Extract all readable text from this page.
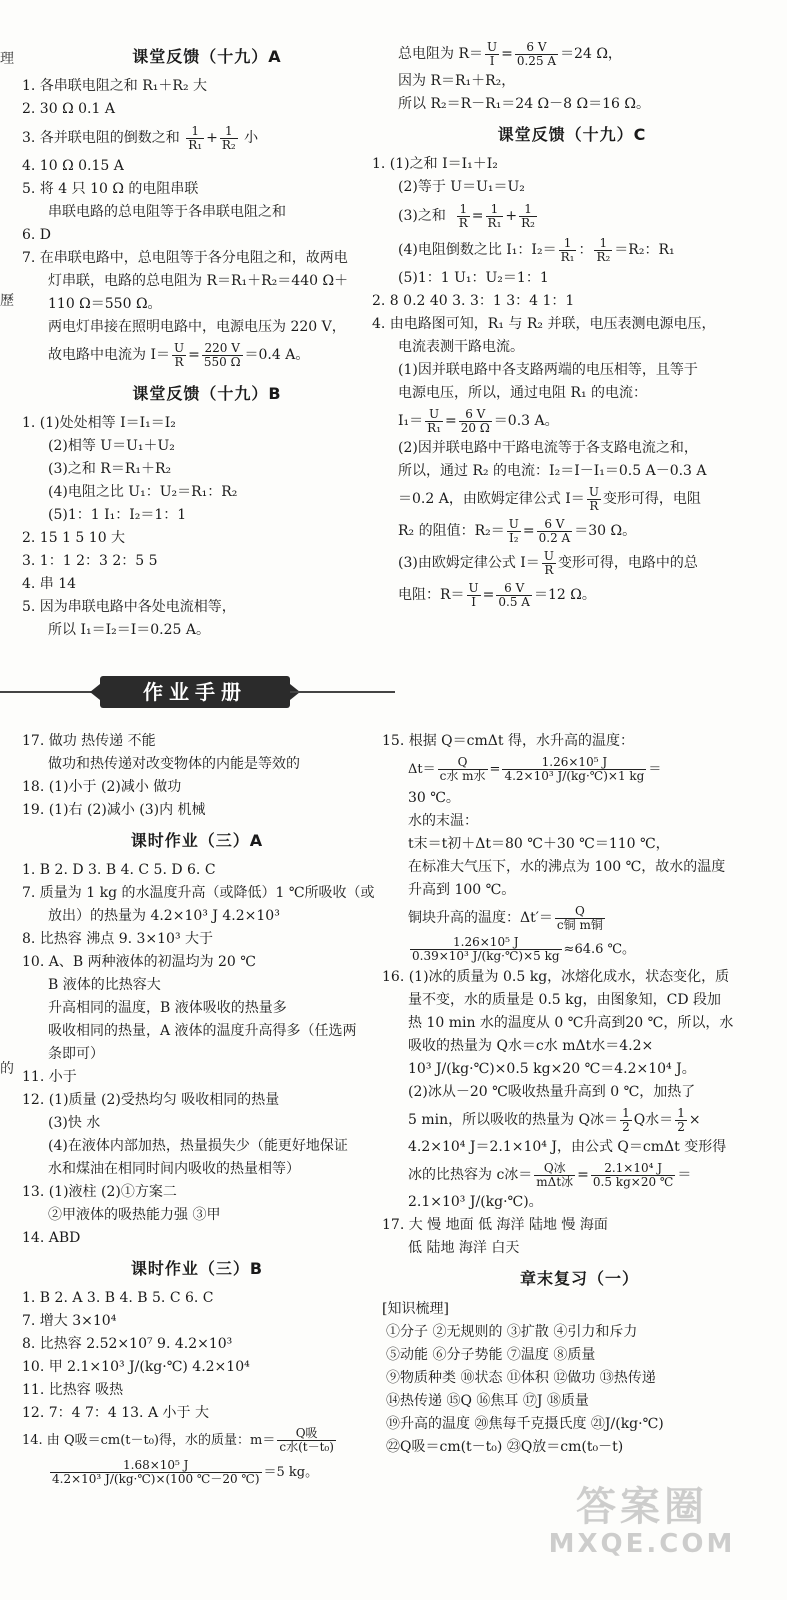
理
歷
的
课堂反馈（十九）A
1. 各串联电阻之和 R₁＋R₂ 大
2. 30 Ω 0.1 A
3. 各并联电阻的倒数之和 $\frac{1}{\text{R₁}} + \frac{1}{\text{R₂}}$ 小
4. 10 Ω 0.15 A
5. 将 4 只 10 Ω 的电阻串联
串联电路的总电阻等于各串联电阻之和
6. D
7. 在串联电路中，总电阻等于各分电阻之和，故两电
灯串联，电路的总电阻为 R＝R₁＋R₂＝440 Ω＋
110 Ω＝550 Ω。
两电灯串接在照明电路中，电源电压为 220 V，
故电路中电流为 $I= \frac{U}{R} = \frac{220 V}{550 \Omega} =0.4$ A。
课堂反馈（十九）B
1. (1)处处相等 I＝I₁＝I₂
(2)相等 U＝U₁＋U₂
(3)之和 R＝R₁＋R₂
(4)电阻之比 U₁：U₂＝R₁：R₂
(5)1：1 I₁：I₂＝1：1
2. 15 1 5 10 大
3. 1：1 2：3 2：5 5
4. 串 14
5. 因为串联电路中各处电流相等，
所以 I₁＝I₂＝I＝0.25 A。
总电阻为 $R= \frac{U}{I} = \frac{6 V}{0.25 A} =24$ Ω，
因为 R＝R₁＋R₂，
所以 R₂＝R－R₁＝24 Ω－8 Ω＝16 Ω。
课堂反馈（十九）C
1. (1)之和 I＝I₁＋I₂
(2)等于 U＝U₁＝U₂
(3)之和 $\frac{1}{R} = \frac{1}{\text{R₁}} + \frac{1}{\text{R₂}}$
(4)电阻倒数之比 I₁：$I_2= \frac{1}{\text{R₁}}$ ： $\frac{1}{\text{R₂}} =R_2$：R₁
(5)1：1 U₁：U₂＝1：1
2. 8 0.2 40 3. 3：1 3：4 1：1
4. 由电路图可知，R₁ 与 R₂ 并联，电压表测电源电压，
电流表测干路电流。
(1)因并联电路中各支路两端的电压相等，且等于
电源电压，所以，通过电阻 R₁ 的电流：
$I_1= \frac{U}{\text{R₁}} = \frac{6 V}{20 \Omega} =0.3$ A。
(2)因并联电路中干路电流等于各支路电流之和，
所以，通过 R₂ 的电流：I₂＝I－I₁＝0.5 A－0.3 A
＝0.2 A，由欧姆定律公式 $I= \frac{U}{R}$ 变形可得，电阻
R₂ 的阻值：$R_2= \frac{U}{\text{I₂}} = \frac{6 V}{0.2 A} =30$ Ω。
(3)由欧姆定律公式 $I= \frac{U}{R}$ 变形可得，电路中的总
电阻：$R= \frac{U}{I} = \frac{6 V}{0.5 A} =12$ Ω。
作业手册
17. 做功 热传递 不能
做功和热传递对改变物体的内能是等效的
18. (1)小于 (2)减小 做功
19. (1)右 (2)减小 (3)内 机械
课时作业（三）A
1. B 2. D 3. B 4. C 5. D 6. C
7. 质量为 1 kg 的水温度升高（或降低）1 ℃所吸收（或
放出）的热量为 4.2×10³ J 4.2×10³
8. 比热容 沸点 9. 3×10³ 大于
10. A、B 两种液体的初温均为 20 ℃
B 液体的比热容大
升高相同的温度，B 液体吸收的热量多
吸收相同的热量，A 液体的温度升高得多（任选两
条即可）
11. 小于
12. (1)质量 (2)受热均匀 吸收相同的热量
(3)快 水
(4)在液体内部加热，热量损失少（能更好地保证
水和煤油在相同时间内吸收的热量相等）
13. (1)液柱 (2)①方案二
②甲液体的吸热能力强 ③甲
14. ABD
课时作业（三）B
1. B 2. A 3. B 4. B 5. C 6. C
7. 增大 3×10⁴
8. 比热容 2.52×10⁷ 9. 4.2×10³
10. 甲 2.1×10³ J/(kg·℃) 4.2×10⁴
11. 比热容 吸热
12. 7：4 7：4 13. A 小于 大
14. 由 Q吸＝cm(t－t₀)得，水的质量：$m= \frac{\text{Q吸}}{\text{c水(t－t₀)}}$
$\frac{\text{1.68×10⁵ J}}{\text{4.2×10³ J/(kg·℃)×(100 ℃－20 ℃)}} =5$ kg。
15. 根据 Q＝cmΔt 得，水升高的温度：
$\Delta t= \frac{Q}{\text{c水 m水}} = \frac{\text{1.26×10⁵ J}}{\text{4.2×10³ J/(kg·℃)×1 kg}}$ ＝
30 ℃。
水的末温：
t末＝t初＋Δt＝80 ℃＋30 ℃＝110 ℃，
在标准大气压下，水的沸点为 100 ℃，故水的温度
升高到 100 ℃。
铜块升高的温度：$\Delta t'= \frac{Q}{\text{c铜 m铜}}$
$\frac{\text{1.26×10⁵ J}}{\text{0.39×10³ J/(kg·℃)×5 kg}} \approx 64.6$ ℃。
16. (1)冰的质量为 0.5 kg，冰熔化成水，状态变化，质
量不变，水的质量是 0.5 kg，由图象知，CD 段加
热 10 min 水的温度从 0 ℃升高到20 ℃，所以，水
吸收的热量为 Q水＝c水 mΔt水＝4.2×
10³ J/(kg·℃)×0.5 kg×20 ℃＝4.2×10⁴ J。
(2)冰从－20 ℃吸收热量升高到 0 ℃，加热了
5 min，所以吸收的热量为 Q冰＝ $\frac{1}{2}$ Q水＝ $\frac{1}{2}$ ×
4.2×10⁴ J＝2.1×10⁴ J，由公式 Q＝cmΔt 变形得
冰的比热容为 c冰＝ $\frac{\text{Q冰}}{\text{mΔt冰}} = \frac{\text{2.1×10⁴ J}}{0.5 kg\times 20 ℃}$ ＝
2.1×10³ J/(kg·℃)。
17. 大 慢 地面 低 海洋 陆地 慢 海面
低 陆地 海洋 白天
章末复习（一）
[知识梳理]
①分子 ②无规则的 ③扩散 ④引力和斥力
⑤动能 ⑥分子势能 ⑦温度 ⑧质量
⑨物质种类 ⑩状态 ⑪体积 ⑫做功 ⑬热传递
⑭热传递 ⑮Q ⑯焦耳 ⑰J ⑱质量
⑲升高的温度 ⑳焦每千克摄氏度 ㉑J/(kg·℃)
㉒Q吸＝cm(t－t₀) ㉓Q放＝cm(t₀－t)
答案圈
MXQE.COM
